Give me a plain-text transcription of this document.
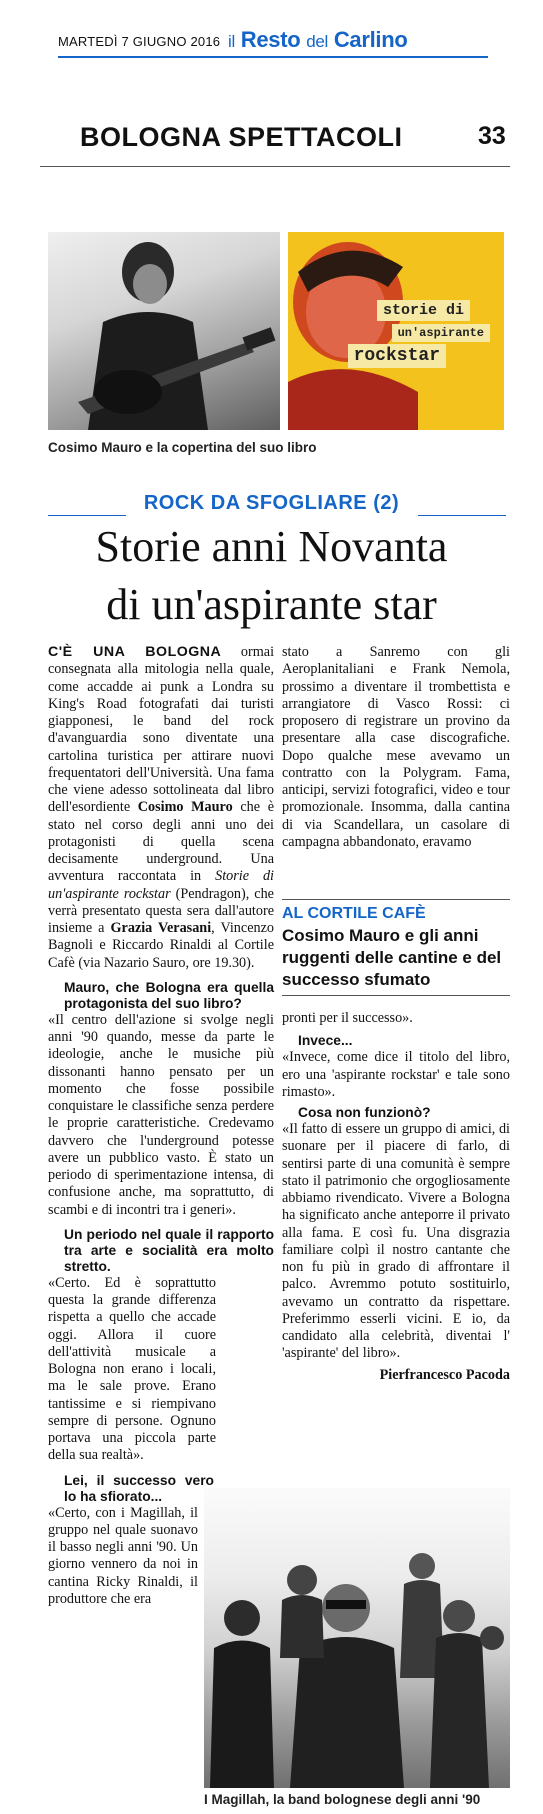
MARTEDÌ 7 GIUGNO 2016 il Resto del Carlino
BOLOGNA SPETTACOLI	33
storie di
un'aspirante
rockstar
Cosimo Mauro e la copertina del suo libro
ROCK DA SFOGLIARE (2)
Storie anni Novanta
di un'aspirante star

C'È UNA BOLOGNA ormai consegnata alla mitologia nella quale, come accadde ai punk a Londra su King's Road fotografati dai turisti giapponesi, le band del rock d'avanguardia sono diventate una cartolina turistica per attirare nuovi frequentatori dell'Università. Una fama che viene adesso sottolineata dal libro dell'esordiente Cosimo Mauro che è stato nel corso degli anni uno dei protagonisti di quella scena decisamente underground. Una avventura raccontata in Storie di un'aspirante rockstar (Pendragon), che verrà presentato questa sera dall'autore insieme a Grazia Verasani, Vincenzo Bagnoli e Riccardo Rinaldi al Cortile Cafè (via Nazario Sauro, ore 19.30).

Mauro, che Bologna era quella protagonista del suo libro?

«Il centro dell'azione si svolge negli anni '90 quando, messe da parte le ideologie, anche le musiche più dissonanti hanno pensato per un momento che fosse possibile conquistare le classifiche senza perdere le proprie caratteristiche. Credevamo davvero che l'underground potesse avere un pubblico vasto. È stato un periodo di sperimentazione intensa, di confusione anche, ma soprattutto, di scambi e di incontri tra i generi».

Un periodo nel quale il rapporto tra arte e socialità era molto stretto.

«Certo. Ed è soprattutto questa la grande differenza rispetta a quello che accade oggi. Allora il cuore dell'attività musicale a Bologna non erano i locali, ma le sale prove. Erano tantissime e si riempivano sempre di persone. Ognuno portava una piccola parte della sua realtà».

Lei, il successo vero lo ha sfiorato...

«Certo, con i Magillah, il gruppo nel quale suonavo il basso negli anni '90. Un giorno vennero da noi in cantina Ricky Rinaldi, il produttore che era

stato a Sanremo con gli Aeroplanitaliani e Frank Nemola, prossimo a diventare il trombettista e arrangiatore di Vasco Rossi: ci proposero di registrare un provino da presentare alla case discografiche. Dopo qualche mese avevamo un contratto con la Polygram. Fama, anticipi, servizi fotografici, video e tour promozionale. Insomma, dalla cantina di via Scandellara, un casolare di campagna abbandonato, eravamo

AL CORTILE CAFÈ
Cosimo Mauro e gli anni ruggenti delle cantine e del successo sfumato

pronti per il successo».

Invece...

«Invece, come dice il titolo del libro, ero una 'aspirante rockstar' e tale sono rimasto».

Cosa non funzionò?

«Il fatto di essere un gruppo di amici, di suonare per il piacere di farlo, di sentirsi parte di una comunità è sempre stato il patrimonio che orgogliosamente abbiamo rivendicato. Vivere a Bologna ha significato anche anteporre il privato alla fama. E così fu. Una disgrazia familiare colpì il nostro cantante che non fu più in grado di affrontare il palco. Avremmo potuto sostituirlo, avevamo un contratto da rispettare. Preferimmo esserli vicini. E io, da candidato alla celebrità, diventai l' 'aspirante' del libro».

Pierfrancesco Pacoda

I Magillah, la band bolognese degli anni '90
